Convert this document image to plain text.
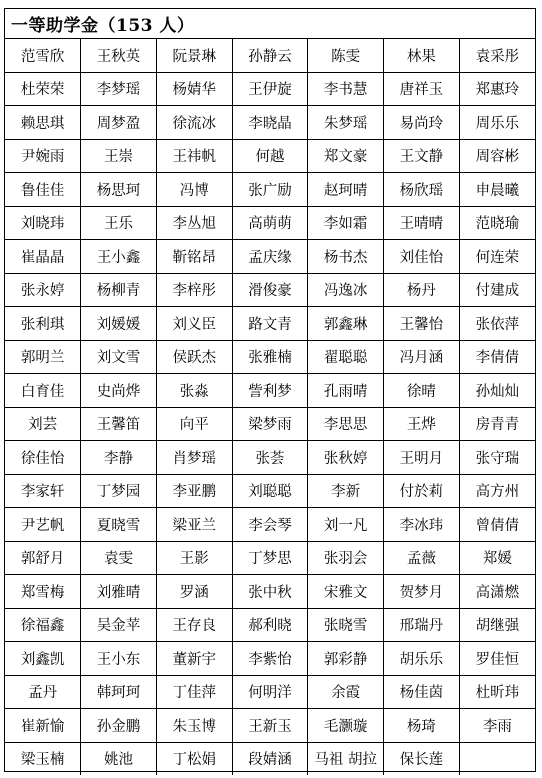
一等助学金（153 人）
范雪欣	王秋英	阮景琳	孙静云	陈雯	林果	袁采彤
杜荣荣	李梦瑶	杨婧华	王伊旋	李书慧	唐祥玉	郑惠玲
赖思琪	周梦盈	徐流冰	李晓晶	朱梦瑶	易尚玲	周乐乐
尹婉雨	王崇	王祎帆	何越	郑文豪	王文静	周容彬
鲁佳佳	杨思珂	冯博	张广励	赵珂晴	杨欣瑶	申晨曦
刘晓玮	王乐	李丛旭	高萌萌	李如霜	王晴晴	范晓瑜
崔晶晶	王小鑫	靳铭昂	孟庆缘	杨书杰	刘佳怡	何连荣
张永婷	杨柳青	李梓彤	滑俊豪	冯逸冰	杨丹	付建成
张利琪	刘媛媛	刘义臣	路文青	郭鑫琳	王馨怡	张依萍
郭明兰	刘文雪	侯跃杰	张雅楠	翟聪聪	冯月涵	李倩倩
白育佳	史尚烨	张淼	訾利梦	孔雨晴	徐晴	孙灿灿
刘芸	王馨笛	向平	梁梦雨	李思思	王烨	房青青
徐佳怡	李静	肖梦瑶	张荟	张秋婷	王明月	张守瑞
李家轩	丁梦园	李亚鹏	刘聪聪	李新	付於莉	高方州
尹艺帆	夏晓雪	梁亚兰	李会琴	刘一凡	李冰玮	曾倩倩
郭舒月	袁雯	王影	丁梦思	张羽会	孟薇	郑媛
郑雪梅	刘雅晴	罗涵	张中秋	宋雅文	贺梦月	高潇燃
徐福鑫	吴金苹	王存良	郝利晓	张晓雪	邢瑞丹	胡继强
刘鑫凯	王小东	董新宇	李紫怡	郭彩静	胡乐乐	罗佳恒
孟丹	韩珂珂	丁佳萍	何明洋	余霞	杨佳茵	杜昕玮
崔新愉	孙金鹏	朱玉博	王新玉	毛灏璇	杨琦	李雨
梁玉楠	姚池	丁松娟	段婧涵	马祖 胡拉	保长莲	
